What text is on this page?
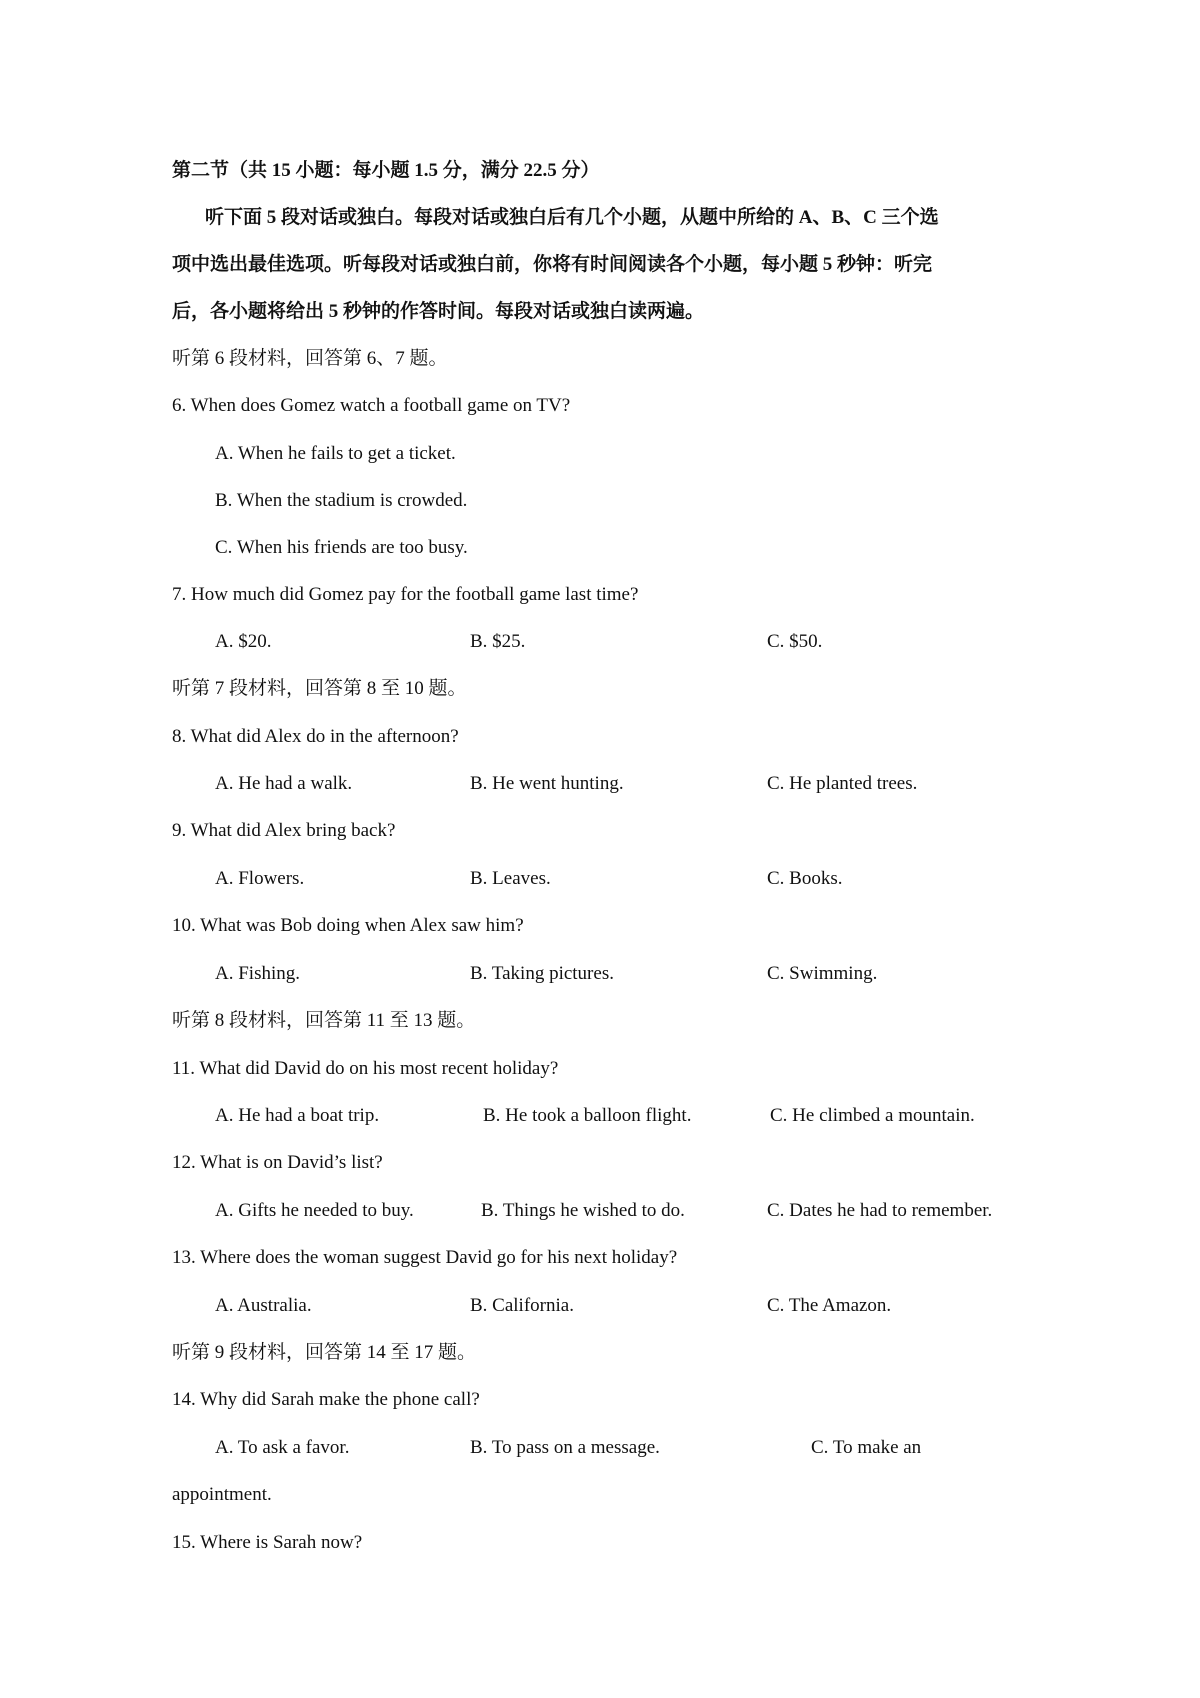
第二节（共 15 小题：每小题 1.5 分，满分 22.5 分）
听下面 5 段对话或独白。每段对话或独白后有几个小题，从题中所给的 A、B、C 三个选
项中选出最佳选项。听每段对话或独白前，你将有时间阅读各个小题，每小题 5 秒钟：听完
后，各小题将给出 5 秒钟的作答时间。每段对话或独白读两遍。
听第 6 段材料，回答第 6、7 题。
6. When does Gomez watch a football game on TV?
A. When he fails to get a ticket.
B. When the stadium is crowded.
C. When his friends are too busy.
7. How much did Gomez pay for the football game last time?
A. $20.	B. $25.	C. $50.
听第 7 段材料，回答第 8 至 10 题。
8. What did Alex do in the afternoon?
A. He had a walk.	B. He went hunting.	C. He planted trees.
9. What did Alex bring back?
A. Flowers.	B. Leaves.	C. Books.
10. What was Bob doing when Alex saw him?
A. Fishing.	B. Taking pictures.	C. Swimming.
听第 8 段材料，回答第 11 至 13 题。
11. What did David do on his most recent holiday?
A. He had a boat trip.	B. He took a balloon flight.	C. He climbed a mountain.
12. What is on David’s list?
A. Gifts he needed to buy.	B. Things he wished to do.	C. Dates he had to remember.
13. Where does the woman suggest David go for his next holiday?
A. Australia.	B. California.	C. The Amazon.
听第 9 段材料，回答第 14 至 17 题。
14. Why did Sarah make the phone call?
A. To ask a favor.	B. To pass on a message.	C. To make an
appointment.
15. Where is Sarah now?
